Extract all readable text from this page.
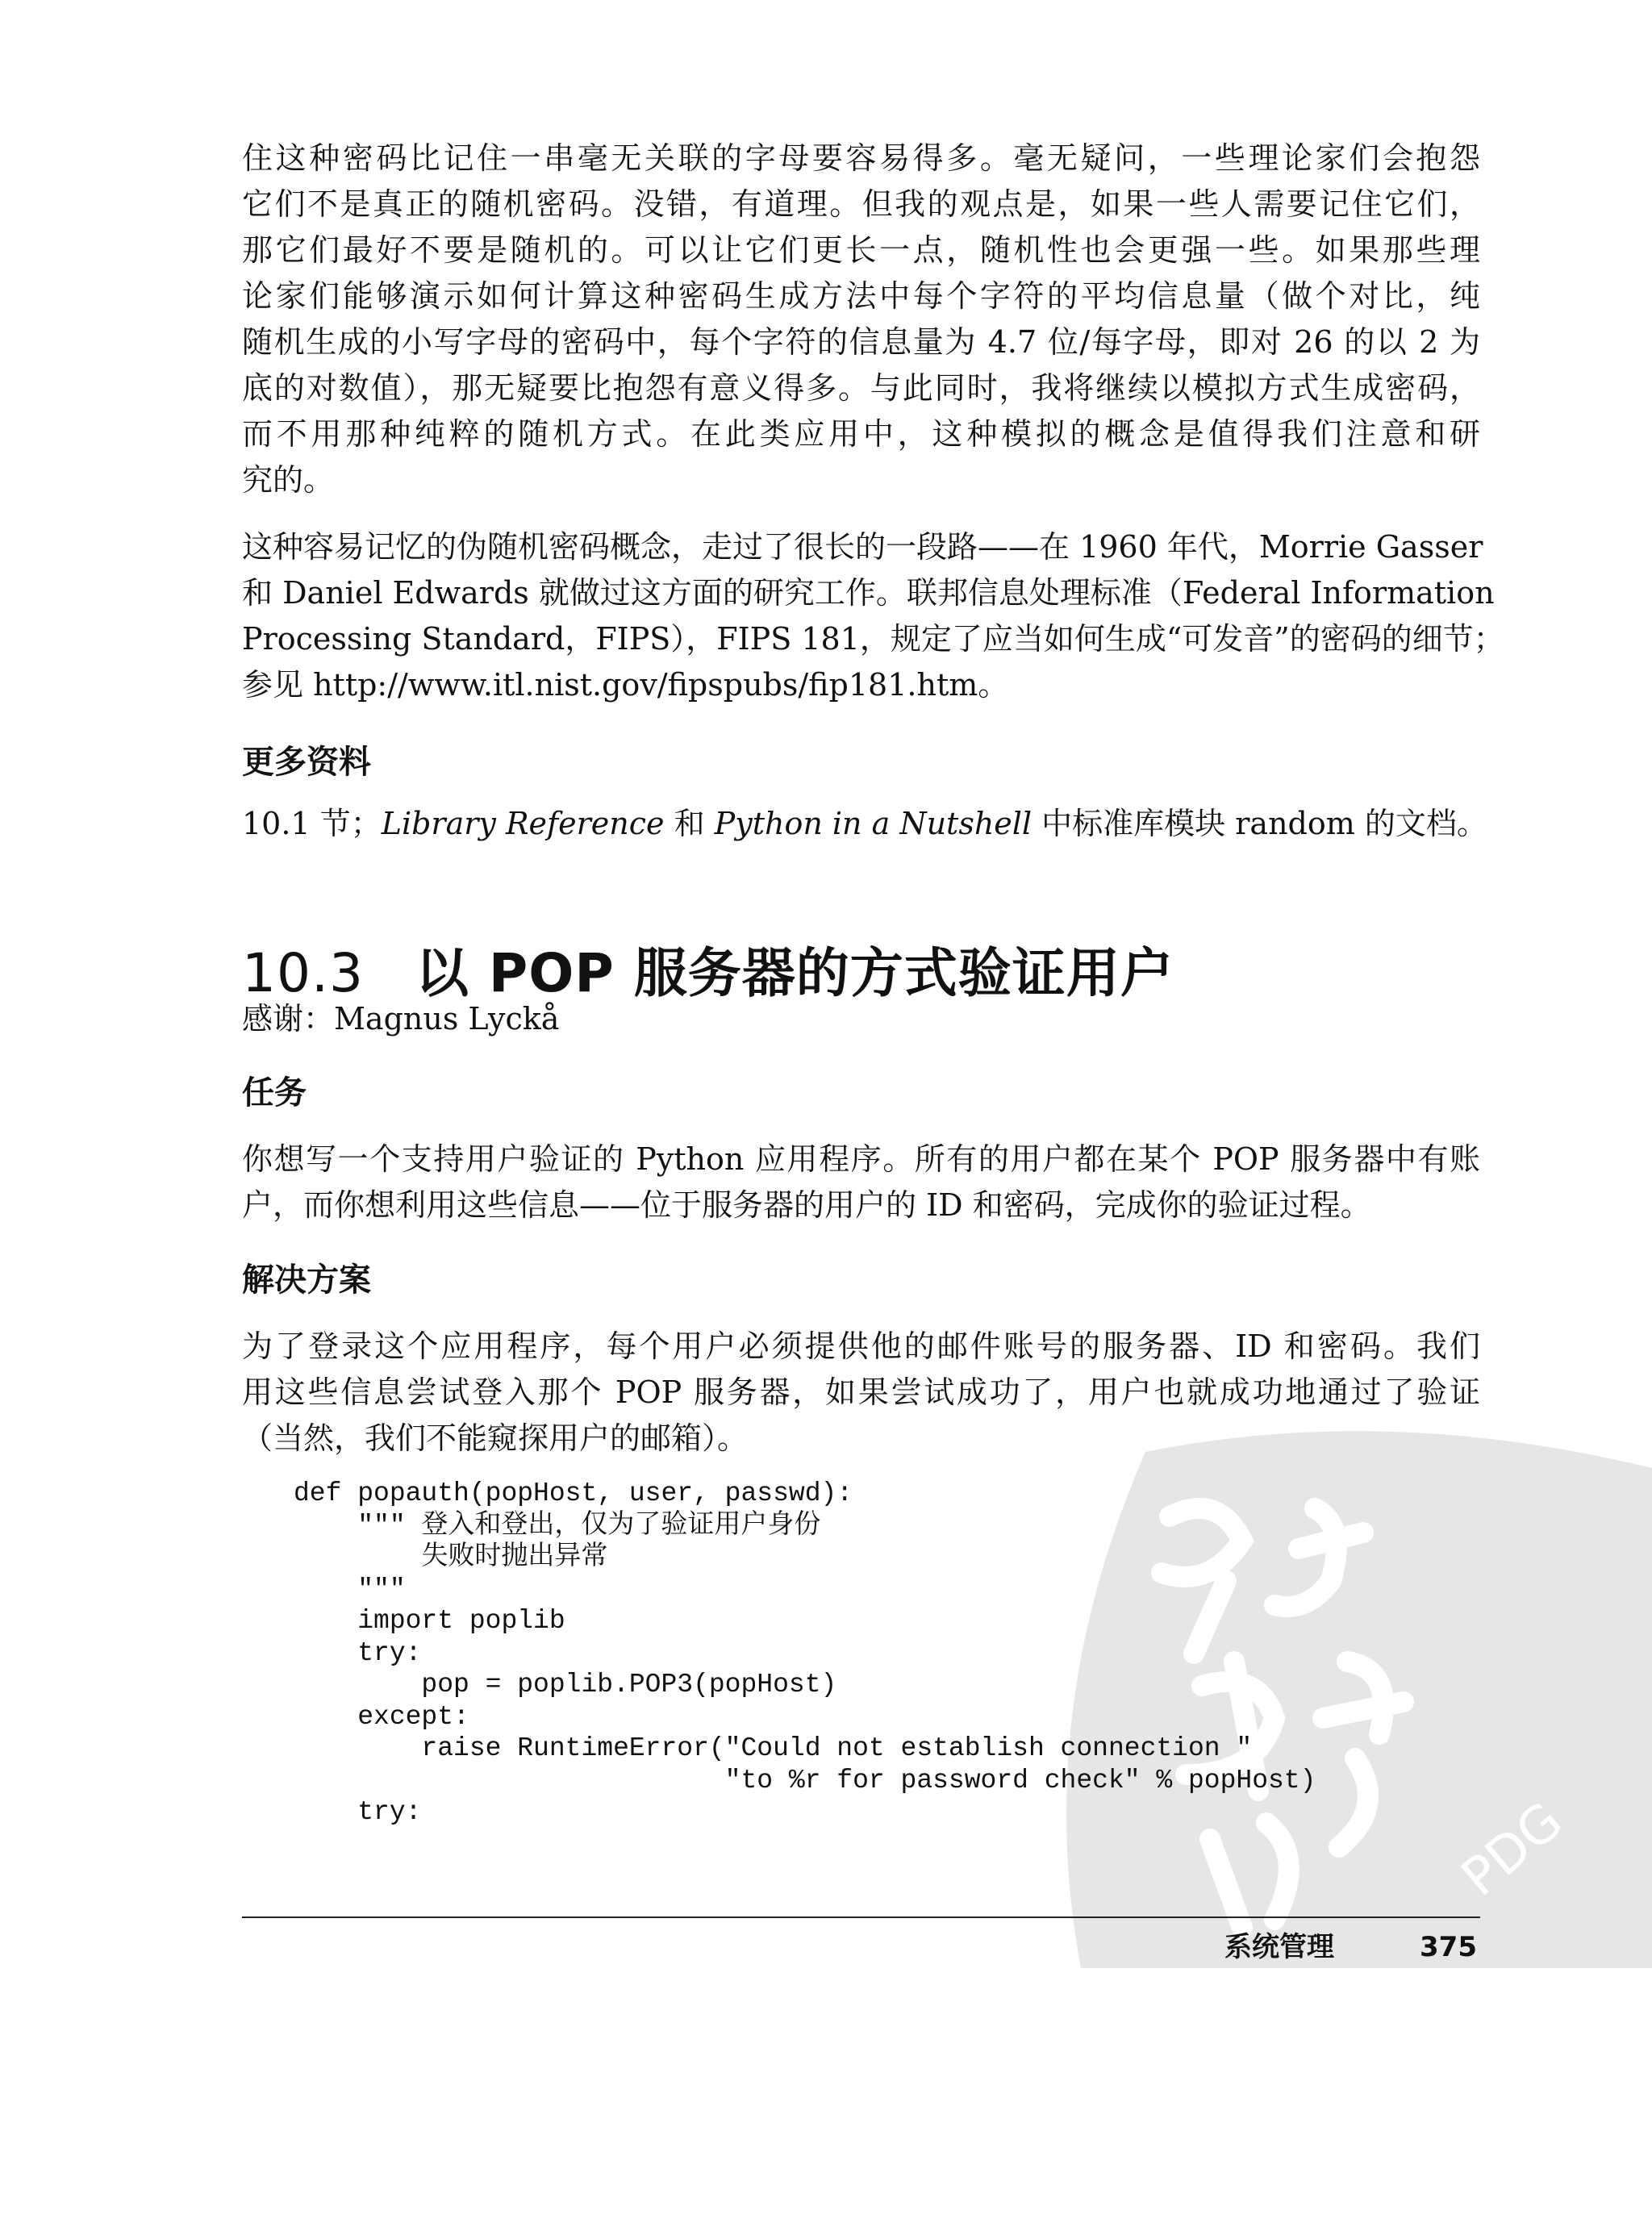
住这种密码比记住一串毫无关联的字母要容易得多。毫无疑问，一些理论家们会抱怨
它们不是真正的随机密码。没错，有道理。但我的观点是，如果一些人需要记住它们，
那它们最好不要是随机的。可以让它们更长一点，随机性也会更强一些。如果那些理
论家们能够演示如何计算这种密码生成方法中每个字符的平均信息量（做个对比，纯
随机生成的小写字母的密码中，每个字符的信息量为 4.7 位/每字母，即对 26 的以 2 为
底的对数值），那无疑要比抱怨有意义得多。与此同时，我将继续以模拟方式生成密码，
而不用那种纯粹的随机方式。在此类应用中，这种模拟的概念是值得我们注意和研
究的。

这种容易记忆的伪随机密码概念，走过了很长的一段路——在 1960 年代，Morrie Gasser
和 Daniel Edwards 就做过这方面的研究工作。联邦信息处理标准（Federal Information
Processing Standard，FIPS），FIPS 181，规定了应当如何生成“可发音”的密码的细节；
参见 http://www.itl.nist.gov/fipspubs/fip181.htm。

更多资料

10.1 节；Library Reference 和 Python in a Nutshell 中标准库模块 random 的文档。

10.3 以 POP 服务器的方式验证用户
感谢：Magnus Lyckå
任务

你想写一个支持用户验证的 Python 应用程序。所有的用户都在某个 POP 服务器中有账
户，而你想利用这些信息——位于服务器的用户的 ID 和密码，完成你的验证过程。

解决方案

为了登录这个应用程序，每个用户必须提供他的邮件账号的服务器、ID 和密码。我们
用这些信息尝试登入那个 POP 服务器，如果尝试成功了，用户也就成功地通过了验证
（当然，我们不能窥探用户的邮箱）。

PDG
def popauth(popHost, user, passwd):
""" 登入和登出，仅为了验证用户身份
失败时抛出异常
"""
import poplib
try:
pop = poplib.POP3(popHost)
except:
raise RuntimeError("Could not establish connection "
"to %r for password check" % popHost)
try:
系统管理	375
